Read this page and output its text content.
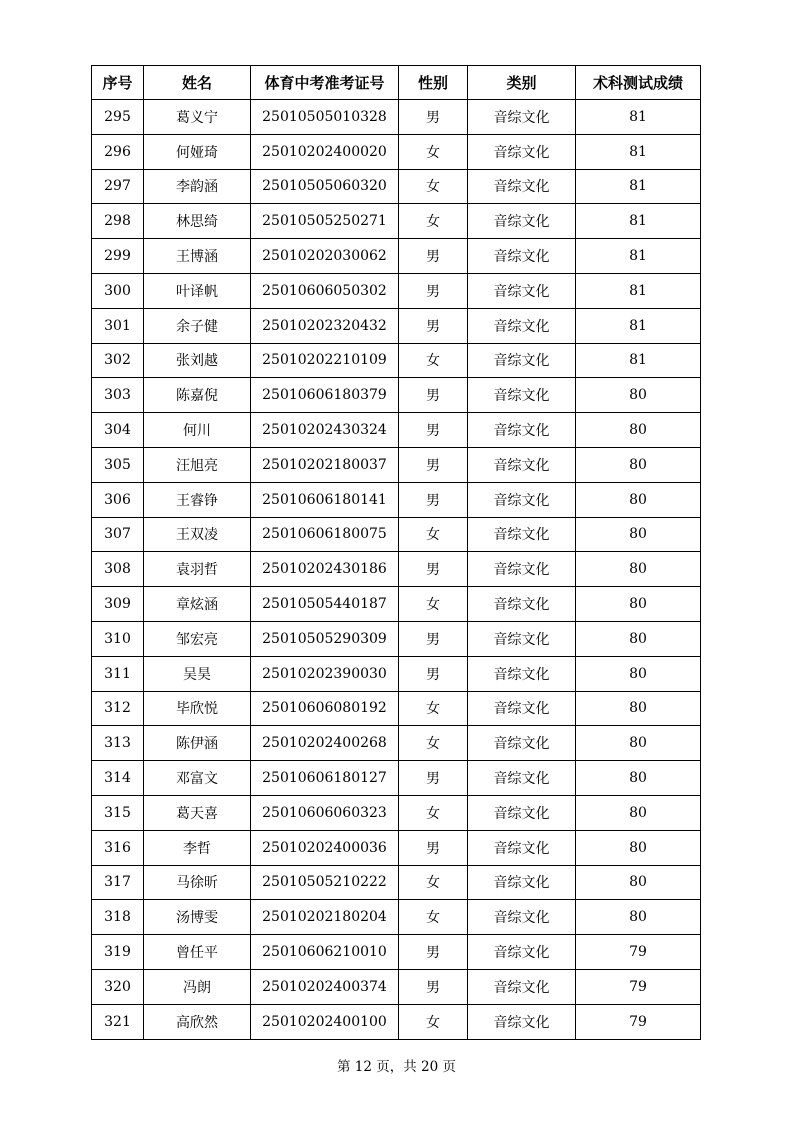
序号	姓名	体育中考准考证号	性别	类别	术科测试成绩
295	葛义宁	25010505010328	男	音综文化	81
296	何娅琦	25010202400020	女	音综文化	81
297	李韵涵	25010505060320	女	音综文化	81
298	林思绮	25010505250271	女	音综文化	81
299	王博涵	25010202030062	男	音综文化	81
300	叶译帆	25010606050302	男	音综文化	81
301	余子健	25010202320432	男	音综文化	81
302	张刘越	25010202210109	女	音综文化	81
303	陈嘉倪	25010606180379	男	音综文化	80
304	何川	25010202430324	男	音综文化	80
305	汪旭亮	25010202180037	男	音综文化	80
306	王睿铮	25010606180141	男	音综文化	80
307	王双凌	25010606180075	女	音综文化	80
308	袁羽哲	25010202430186	男	音综文化	80
309	章炫涵	25010505440187	女	音综文化	80
310	邹宏亮	25010505290309	男	音综文化	80
311	吴昊	25010202390030	男	音综文化	80
312	毕欣悦	25010606080192	女	音综文化	80
313	陈伊涵	25010202400268	女	音综文化	80
314	邓富文	25010606180127	男	音综文化	80
315	葛天喜	25010606060323	女	音综文化	80
316	李哲	25010202400036	男	音综文化	80
317	马徐昕	25010505210222	女	音综文化	80
318	汤博雯	25010202180204	女	音综文化	80
319	曾任平	25010606210010	男	音综文化	79
320	冯朗	25010202400374	男	音综文化	79
321	高欣然	25010202400100	女	音综文化	79
第 12 页，共 20 页
